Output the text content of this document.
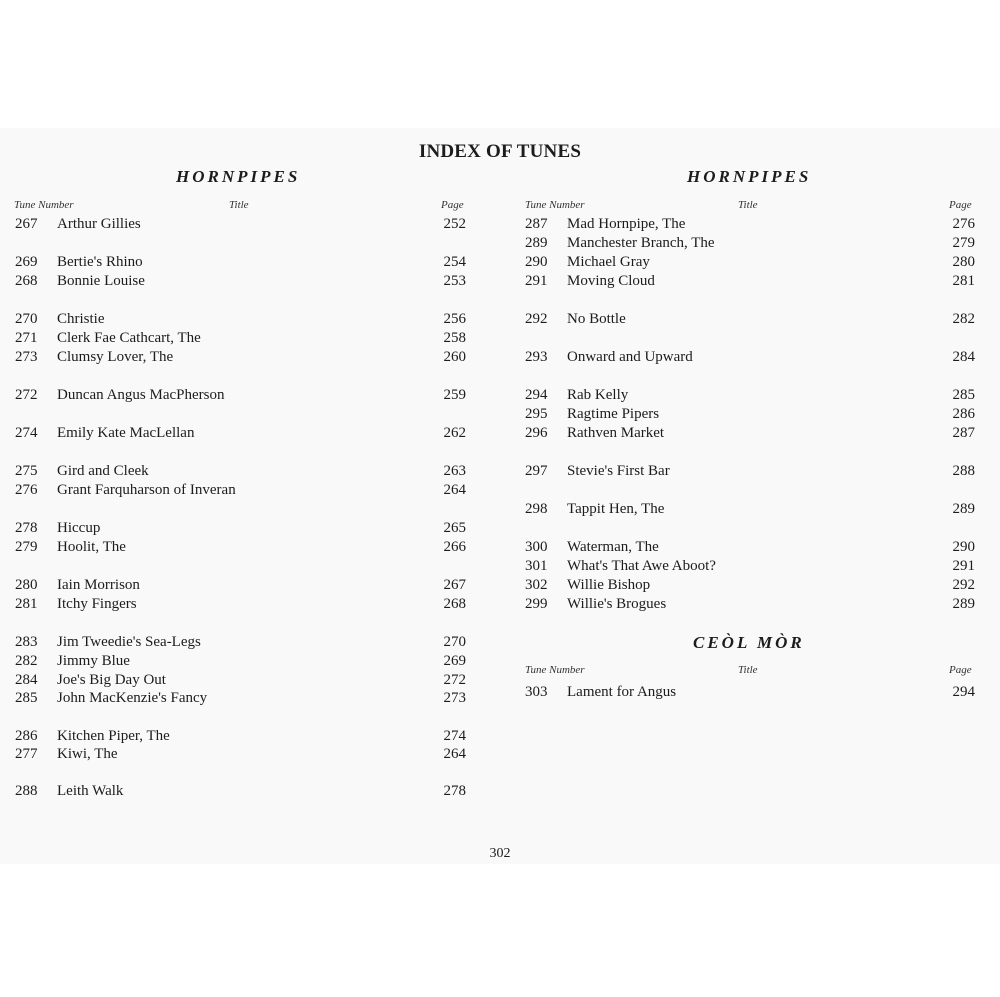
INDEX OF TUNES
HORNPIPES
Tune Number	Title	Page
267 Arthur Gillies	252
269 Bertie's Rhino	254
268 Bonnie Louise	253
270 Christie	256
271 Clerk Fae Cathcart, The	258
273 Clumsy Lover, The	260
272 Duncan Angus MacPherson	259
274 Emily Kate MacLellan	262
275 Gird and Cleek	263
276 Grant Farquharson of Inveran	264
278 Hiccup	265
279 Hoolit, The	266
280 Iain Morrison	267
281 Itchy Fingers	268
283 Jim Tweedie's Sea-Legs	270
282 Jimmy Blue	269
284 Joe's Big Day Out	272
285 John MacKenzie's Fancy	273
286 Kitchen Piper, The	274
277 Kiwi, The	264
288 Leith Walk	278
HORNPIPES
Tune Number	Title	Page
287 Mad Hornpipe, The	276
289 Manchester Branch, The	279
290 Michael Gray	280
291 Moving Cloud	281
292 No Bottle	282
293 Onward and Upward	284
294 Rab Kelly	285
295 Ragtime Pipers	286
296 Rathven Market	287
297 Stevie's First Bar	288
298 Tappit Hen, The	289
300 Waterman, The	290
301 What's That Awe Aboot?	291
302 Willie Bishop	292
299 Willie's Brogues	289
CEÒL MÒR
Tune Number	Title	Page
303 Lament for Angus	294
302
